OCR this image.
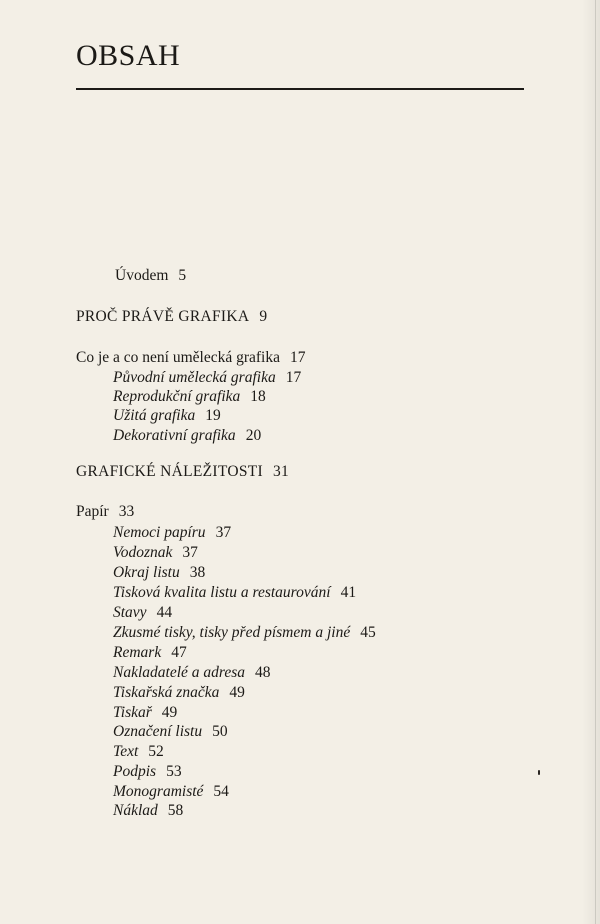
OBSAH
Úvodem 5
PROČ PRÁVĚ GRAFIKA 9
Co je a co není umělecká grafika 17
Původní umělecká grafika 17
Reprodukční grafika 18
Užitá grafika 19
Dekorativní grafika 20
GRAFICKÉ NÁLEŽITOSTI 31
Papír 33
Nemoci papíru 37
Vodoznak 37
Okraj listu 38
Tisková kvalita listu a restaurování 41
Stavy 44
Zkusmé tisky, tisky před písmem a jiné 45
Remark 47
Nakladatelé a adresa 48
Tiskařská značka 49
Tiskař 49
Označení listu 50
Text 52
Podpis 53
Monogramisté 54
Náklad 58
